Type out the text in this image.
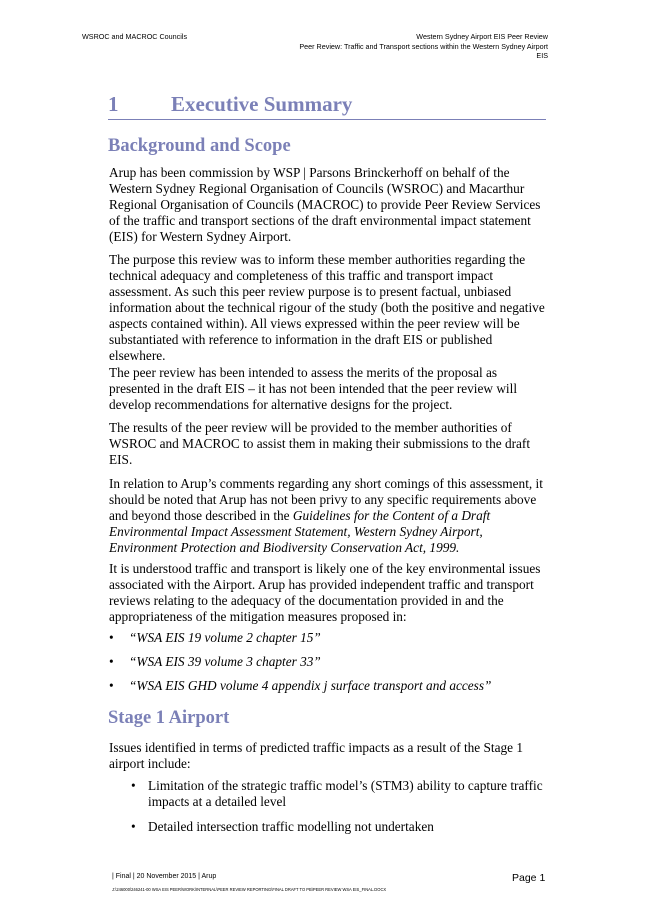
WSROC and MACROC Councils	Western Sydney Airport EIS Peer Review
Peer Review: Traffic and Transport sections within the Western Sydney Airport
EIS
1	Executive Summary
Background and Scope
Arup has been commission by WSP | Parsons Brinckerhoff on behalf of the Western Sydney Regional Organisation of Councils (WSROC) and Macarthur Regional Organisation of Councils (MACROC) to provide Peer Review Services of the traffic and transport sections of the draft environmental impact statement (EIS) for Western Sydney Airport.
The purpose this review was to inform these member authorities regarding the technical adequacy and completeness of this traffic and transport impact assessment. As such this peer review purpose is to present factual, unbiased information about the technical rigour of the study (both the positive and negative aspects contained within). All views expressed within the peer review will be substantiated with reference to information in the draft EIS or published elsewhere.
The peer review has been intended to assess the merits of the proposal as presented in the draft EIS – it has not been intended that the peer review will develop recommendations for alternative designs for the project.
The results of the peer review will be provided to the member authorities of WSROC and MACROC to assist them in making their submissions to the draft EIS.
In relation to Arup’s comments regarding any short comings of this assessment, it should be noted that Arup has not been privy to any specific requirements above and beyond those described in the Guidelines for the Content of a Draft Environmental Impact Assessment Statement, Western Sydney Airport, Environment Protection and Biodiversity Conservation Act, 1999.
It is understood traffic and transport is likely one of the key environmental issues associated with the Airport. Arup has provided independent traffic and transport reviews relating to the adequacy of the documentation provided in and the appropriateness of the mitigation measures proposed in:
• “WSA EIS 19 volume 2 chapter 15”
• “WSA EIS 39 volume 3 chapter 33”
• “WSA EIS GHD volume 4 appendix j surface transport and access”
Stage 1 Airport
Issues identified in terms of predicted traffic impacts as a result of the Stage 1 airport include:
• Limitation of the strategic traffic model’s (STM3) ability to capture traffic impacts at a detailed level
• Detailed intersection traffic modelling not undertaken
| Final | 20 November 2015 | Arup
J:\246000\246241-00 WSA EIS PEER\WORK\INTERNAL\PEER REVIEW REPORTING\FINAL DRAFT TO PB\PEER REVIEW WSA EIS_FINAL.DOCX
Page 1
